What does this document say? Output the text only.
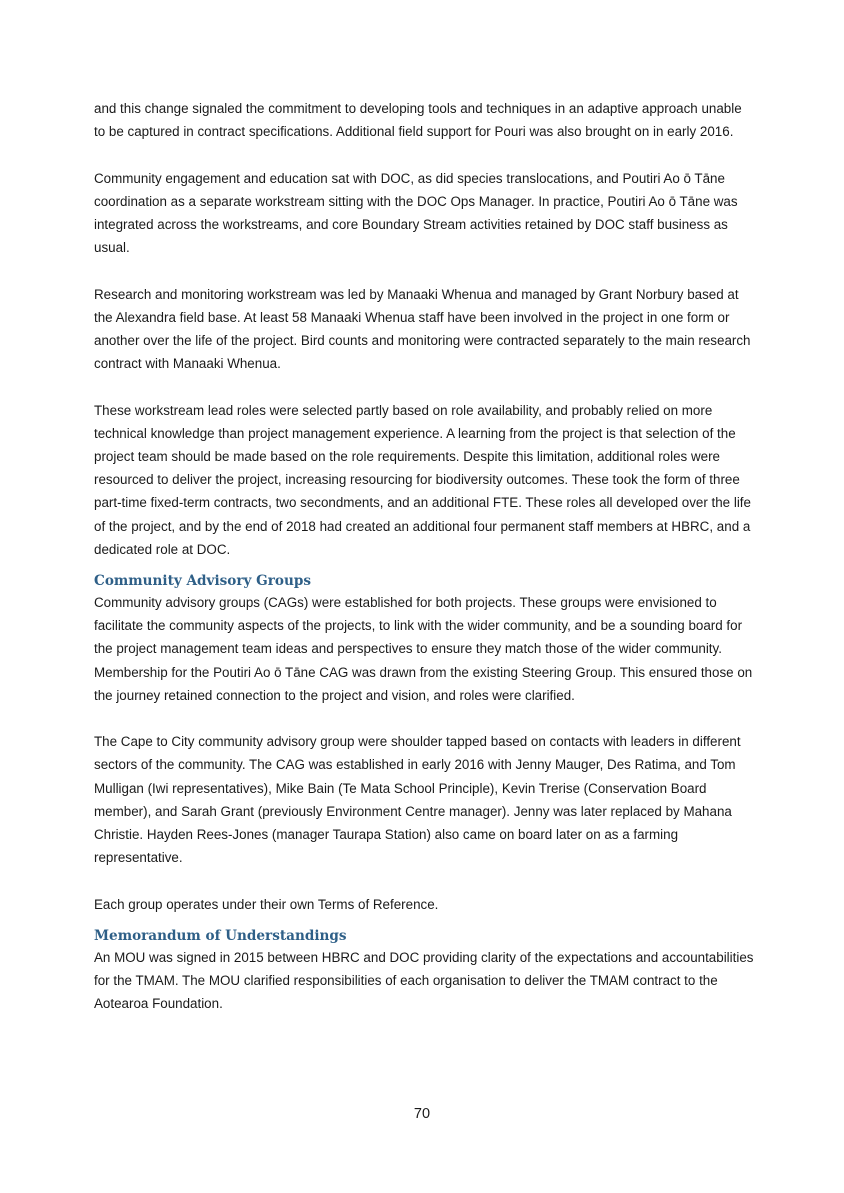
and this change signaled the commitment to developing tools and techniques in an adaptive approach unable to be captured in contract specifications. Additional field support for Pouri was also brought on in early 2016.

Community engagement and education sat with DOC, as did species translocations, and Poutiri Ao ō Tāne coordination as a separate workstream sitting with the DOC Ops Manager. In practice, Poutiri Ao ō Tāne was integrated across the workstreams, and core Boundary Stream activities retained by DOC staff business as usual.

Research and monitoring workstream was led by Manaaki Whenua and managed by Grant Norbury based at the Alexandra field base. At least 58 Manaaki Whenua staff have been involved in the project in one form or another over the life of the project. Bird counts and monitoring were contracted separately to the main research contract with Manaaki Whenua.

These workstream lead roles were selected partly based on role availability, and probably relied on more technical knowledge than project management experience. A learning from the project is that selection of the project team should be made based on the role requirements. Despite this limitation, additional roles were resourced to deliver the project, increasing resourcing for biodiversity outcomes. These took the form of three part-time fixed-term contracts, two secondments, and an additional FTE. These roles all developed over the life of the project, and by the end of 2018 had created an additional four permanent staff members at HBRC, and a dedicated role at DOC.

Community Advisory Groups

Community advisory groups (CAGs) were established for both projects. These groups were envisioned to facilitate the community aspects of the projects, to link with the wider community, and be a sounding board for the project management team ideas and perspectives to ensure they match those of the wider community. Membership for the Poutiri Ao ō Tāne CAG was drawn from the existing Steering Group. This ensured those on the journey retained connection to the project and vision, and roles were clarified.

The Cape to City community advisory group were shoulder tapped based on contacts with leaders in different sectors of the community. The CAG was established in early 2016 with Jenny Mauger, Des Ratima, and Tom Mulligan (Iwi representatives), Mike Bain (Te Mata School Principle), Kevin Trerise (Conservation Board member), and Sarah Grant (previously Environment Centre manager). Jenny was later replaced by Mahana Christie. Hayden Rees-Jones (manager Taurapa Station) also came on board later on as a farming representative.

Each group operates under their own Terms of Reference.

Memorandum of Understandings

An MOU was signed in 2015 between HBRC and DOC providing clarity of the expectations and accountabilities for the TMAM. The MOU clarified responsibilities of each organisation to deliver the TMAM contract to the Aotearoa Foundation.

70
